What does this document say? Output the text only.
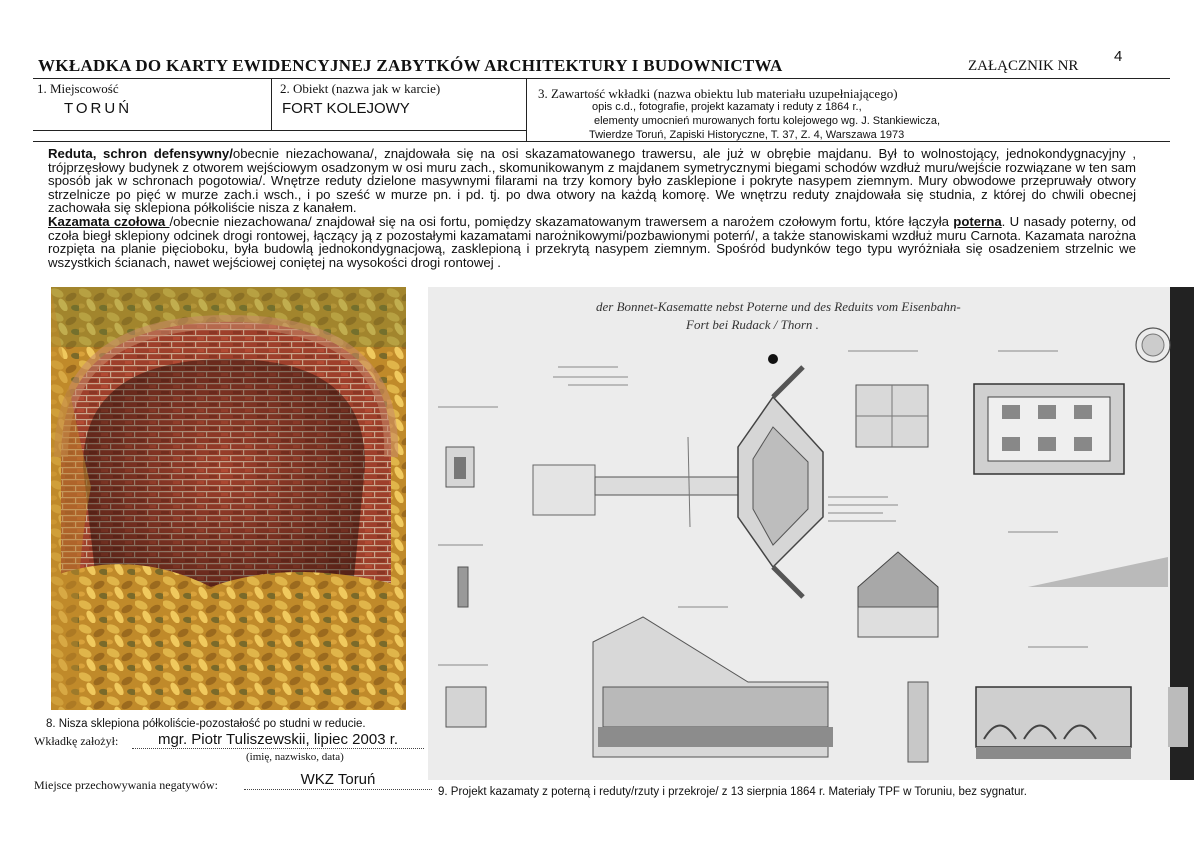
WKŁADKA DO KARTY EWIDENCYJNEJ ZABYTKÓW ARCHITEKTURY I BUDOWNICTWA	ZAŁĄCZNIK NR
4
1. Miejscowość
TORUŃ
2. Obiekt (nazwa jak w karcie)
FORT KOLEJOWY
3. Zawartość wkładki (nazwa obiektu lub materiału uzupełniającego)
opis c.d., fotografie, projekt kazamaty i reduty z 1864 r.,
elementy umocnień murowanych fortu kolejowego wg. J. Stankiewicza,
Twierdze Toruń, Zapiski Historyczne, T. 37, Z. 4, Warszawa 1973

Reduta, schron defensywny/obecnie niezachowana/, znajdowała się na osi skazamatowanego trawersu, ale już w obrębie majdanu. Był to wolnostojący, jednokondygnacyjny , trójprzęsłowy budynek z otworem wejściowym osadzonym w osi muru zach., skomunikowanym z majdanem symetrycznymi biegami schodów wzdłuż muru/wejście rozwiązane w ten sam sposób jak w schronach pogotowia/. Wnętrze reduty dzielone masywnymi filarami na trzy komory było zasklepione i pokryte nasypem ziemnym. Mury obwodowe przepruwały otwory strzelnicze po pięć w murze zach.i wsch., i po sześć w murze pn. i pd. tj. po dwa otwory na każdą komorę. We wnętrzu reduty znajdowała się studnia, z której do chwili obecnej zachowała się sklepiona półkoliście nisza z kanałem.

Kazamata czołowa /obecnie niezachowana/ znajdował się na osi fortu, pomiędzy skazamatowanym trawersem a narożem czołowym fortu, które łączyła poterna. U nasady poterny, od czoła biegł sklepiony odcinek drogi rontowej, łączący ją z pozostałymi kazamatami narożnikowymi/pozbawionymi poterń/, a także stanowiskami wzdłuż muru Carnota. Kazamata narożna rozpięta na planie pięcioboku, była budowlą jednokondygnacjową, zasklepioną i przekrytą nasypem ziemnym. Spośród budynków tego typu wyróżniała się osadzeniem strzelnic we wszystkich ścianach, nawet wejściowej coniętej na wysokości drogi rontowej .

8. Nisza sklepiona półkoliście-pozostałość po studni w reducie.
der Bonnet-Kasematte nebst Poterne und des Reduits vom Eisenbahn-
Fort bei Rudack / Thorn .
9. Projekt kazamaty z poterną i reduty/rzuty i przekroje/ z 13 sierpnia 1864 r. Materiały TPF w Toruniu, bez sygnatur.
Wkładkę założył:	mgr. Piotr Tuliszewskii, lipiec 2003 r.
(imię, nazwisko, data)
Miejsce przechowywania negatywów:	WKZ Toruń
